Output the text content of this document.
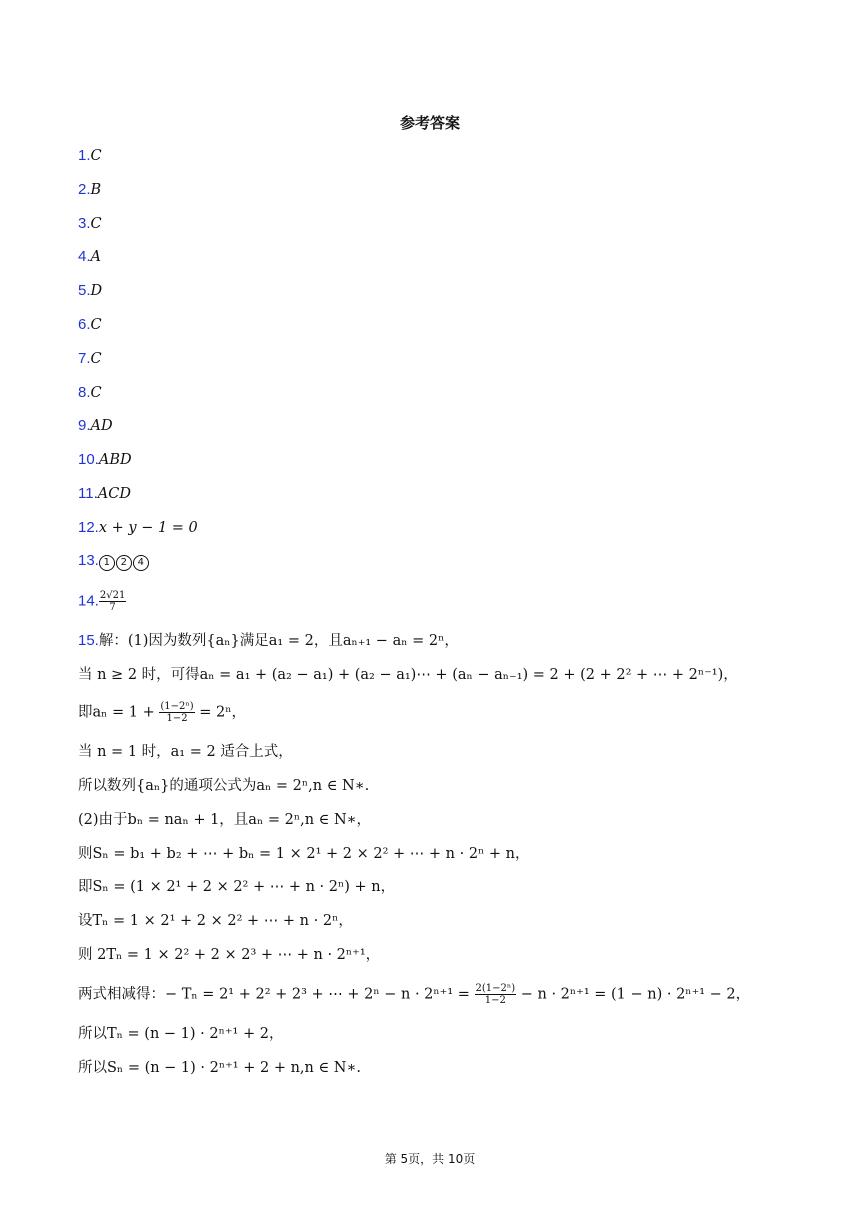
参考答案
1.C
2.B
3.C
4.A
5.D
6.C
7.C
8.C
9.AD
10.ABD
11.ACD
12.x + y − 1 = 0
13. 1 2 4
14. $\frac{2√21}{7}$
15.解：(1)因为数列{aₙ}满足a₁ = 2，且aₙ₊₁ − aₙ = 2ⁿ，
当 n ≥ 2 时，可得aₙ = a₁ + (a₂ − a₁) + (a₂ − a₁)⋯ + (aₙ − aₙ₋₁) = 2 + (2 + 2² + ⋯ + 2ⁿ⁻¹)，
即$a_n = 1 + \frac{\text{(1−2ⁿ)}}{1-2} = 2^n$，
当 n = 1 时，a₁ = 2 适合上式，
所以数列{aₙ}的通项公式为aₙ = 2ⁿ,n ∈ N∗.
(2)由于bₙ = naₙ + 1，且aₙ = 2ⁿ,n ∈ N∗，
则Sₙ = b₁ + b₂ + ⋯ + bₙ = 1 × 2¹ + 2 × 2² + ⋯ + n · 2ⁿ + n，
即Sₙ = (1 × 2¹ + 2 × 2² + ⋯ + n · 2ⁿ) + n，
设Tₙ = 1 × 2¹ + 2 × 2² + ⋯ + n · 2ⁿ，
则 2Tₙ = 1 × 2² + 2 × 2³ + ⋯ + n · 2ⁿ⁺¹，
两式相减得：− Tₙ = 2¹ + 2² + 2³ + ⋯ + $2^n - n \cdot 2^{n+1} = \frac{\text{2(1−2ⁿ)}}{1-2} - n \cdot 2^{n+1} = (1 - n) \cdot 2^{n+1} - 2$，
所以Tₙ = (n − 1) · 2ⁿ⁺¹ + 2，
所以Sₙ = (n − 1) · 2ⁿ⁺¹ + 2 + n,n ∈ N∗.
第 5页，共 10页
